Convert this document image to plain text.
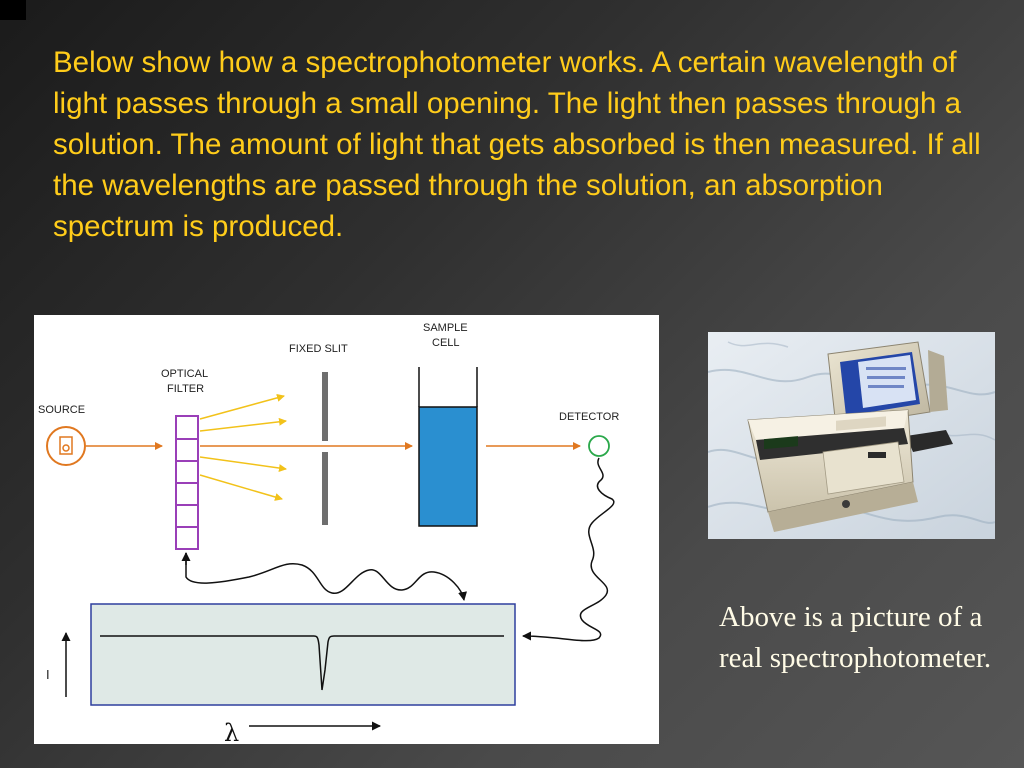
Below show how a spectrophotometer works. A certain wavelength of light passes through a small opening. The light then passes through a solution. The amount of light that gets absorbed is then measured. If all the wavelengths are passed through the solution, an absorption spectrum is produced.

SOURCE
OPTICAL
FILTER
FIXED SLIT
SAMPLE
CELL
DETECTOR
I
λ

Above is a picture of a real spectrophotometer.
